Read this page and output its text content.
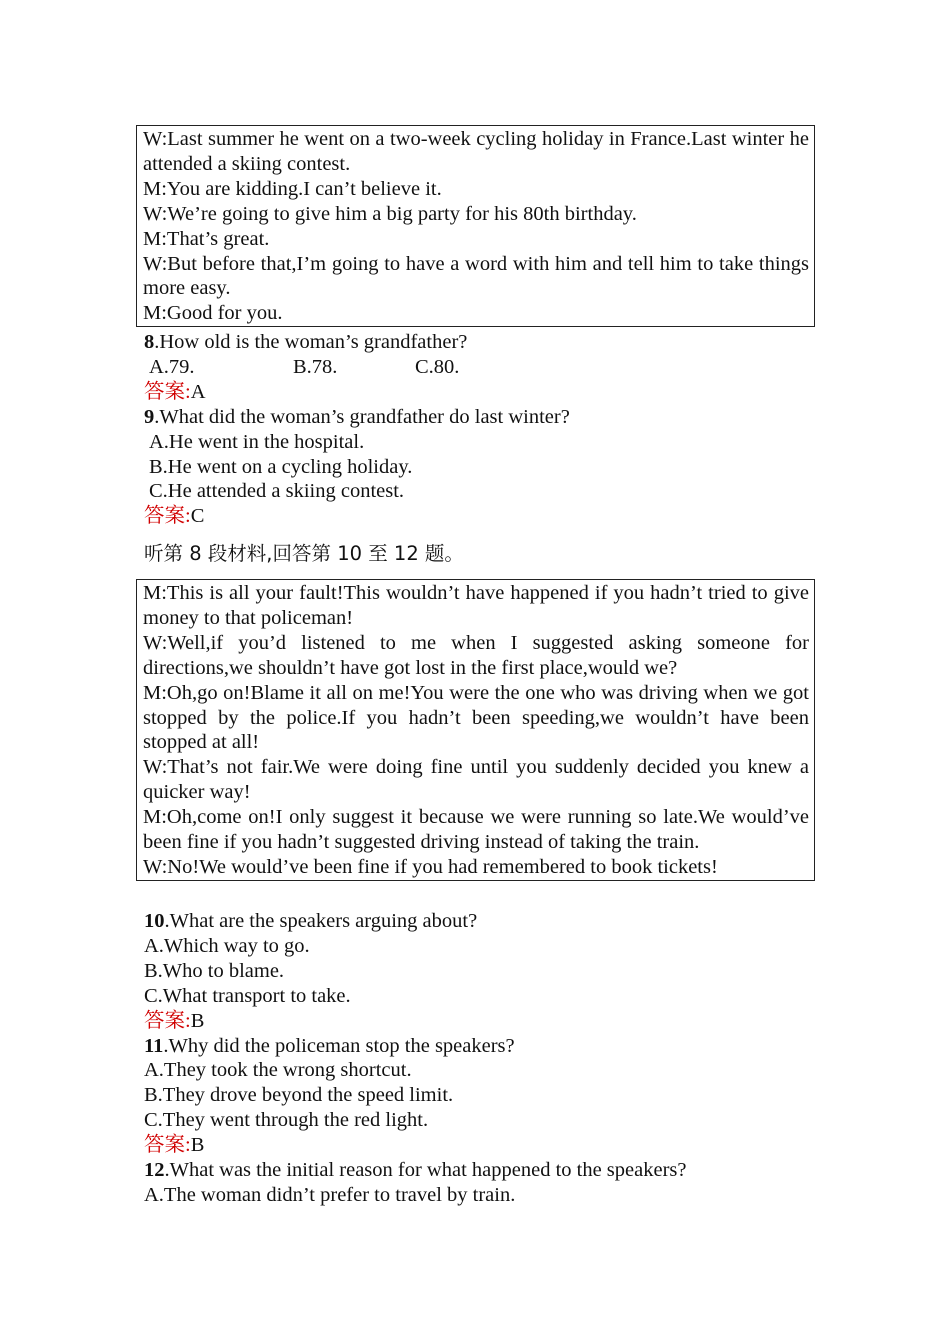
W:Last summer he went on a two-week cycling holiday in France.Last winter he attended a skiing contest.

M:You are kidding.I can’t believe it.

W:We’re going to give him a big party for his 80th birthday.

M:That’s great.

W:But before that,I’m going to have a word with him and tell him to take things more easy.

M:Good for you.

8.How old is the woman’s grandfather?

A.79.	B.78.	C.80.

答案:A

9.What did the woman’s grandfather do last winter?

A.He went in the hospital.

B.He went on a cycling holiday.

C.He attended a skiing contest.

答案:C

听第 8 段材料,回答第 10 至 12 题。

M:This is all your fault!This wouldn’t have happened if you hadn’t tried to give money to that policeman!

W:Well,if you’d listened to me when I suggested asking someone for directions,we shouldn’t have got lost in the first place,would we?

M:Oh,go on!Blame it all on me!You were the one who was driving when we got stopped by the police.If you hadn’t been speeding,we wouldn’t have been stopped at all!

W:That’s not fair.We were doing fine until you suddenly decided you knew a quicker way!

M:Oh,come on!I only suggest it because we were running so late.We would’ve been fine if you hadn’t suggested driving instead of taking the train.

W:No!We would’ve been fine if you had remembered to book tickets!

10.What are the speakers arguing about?

A.Which way to go.

B.Who to blame.

C.What transport to take.

答案:B

11.Why did the policeman stop the speakers?

A.They took the wrong shortcut.

B.They drove beyond the speed limit.

C.They went through the red light.

答案:B

12.What was the initial reason for what happened to the speakers?

A.The woman didn’t prefer to travel by train.
